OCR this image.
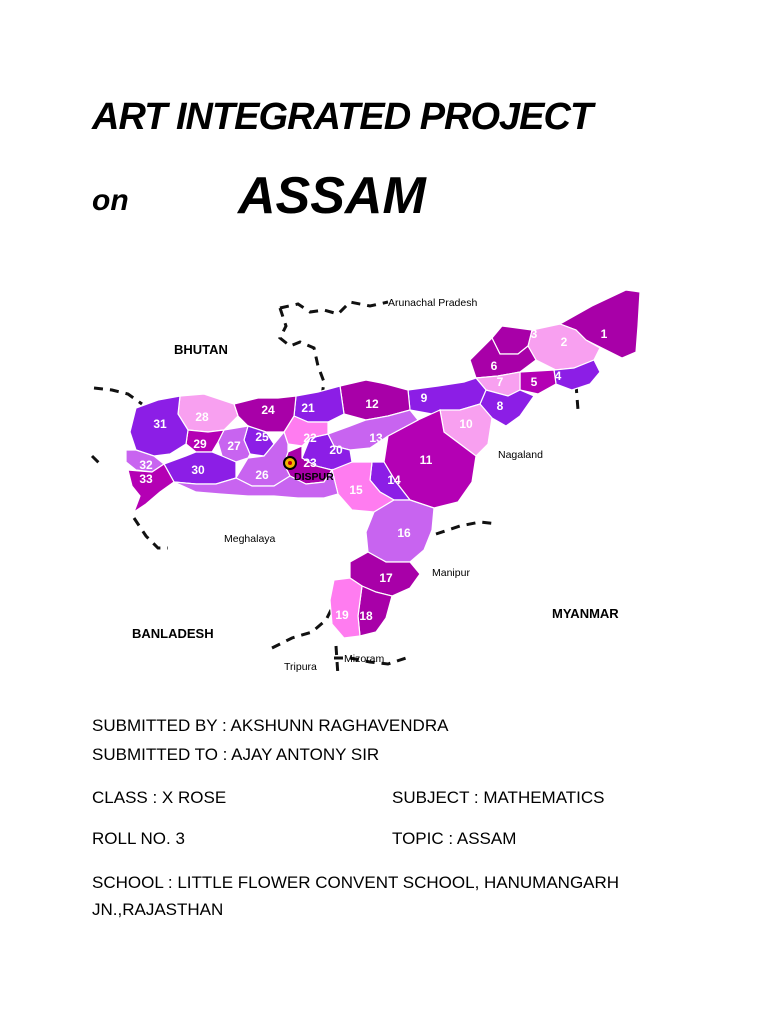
ART INTEGRATED PROJECT
on ASSAM
1
2
3
4
5
6
7
8
9
10
11
12
13
14
15
16
17
18
19
20
21
22
23
24
25
26
27
28
29
30
31
32
33
Arunachal Pradesh
BHUTAN
Nagaland
DISPUR
Meghalaya
Manipur
MYANMAR
BANLADESH
Tripura
Mizoram
SUBMITTED BY : AKSHUNN RAGHAVENDRA
SUBMITTED TO : AJAY ANTONY SIR
CLASS : X ROSE	SUBJECT : MATHEMATICS
ROLL NO. 3	TOPIC : ASSAM
SCHOOL : LITTLE FLOWER CONVENT SCHOOL, HANUMANGARH
JN.,RAJASTHAN
